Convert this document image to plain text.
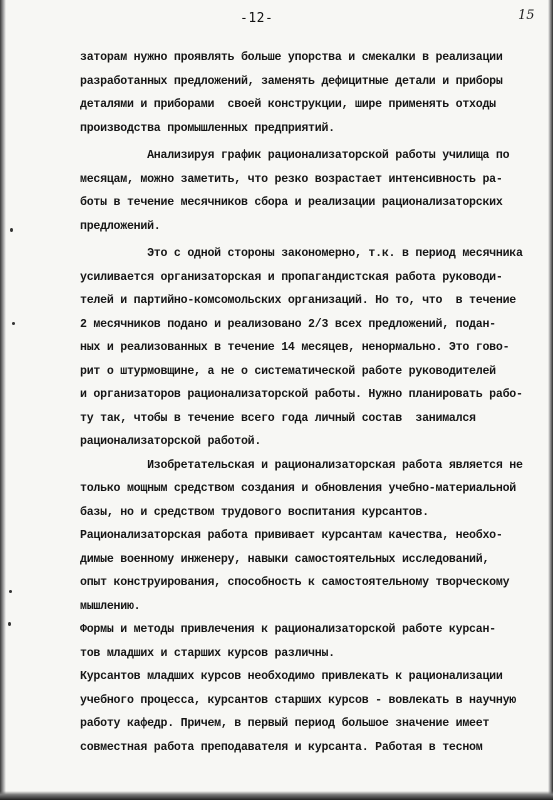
-12-	15
заторам нужно проявлять больше упорства и смекалки в реализации
разработанных предложений, заменять дефицитные детали и приборы
деталями и приборами  своей конструкции, шире применять отходы
производства промышленных предприятий.
Анализируя график рационализаторской работы училища по
месяцам, можно заметить, что резко возрастает интенсивность ра-
боты в течение месячников сбора и реализации рационализаторских
предложений.
Это с одной стороны закономерно, т.к. в период месячника
усиливается организаторская и пропагандистская работа руководи-
телей и партийно-комсомольских организаций. Но то, что  в течение
2 месячников подано и реализовано 2/3 всех предложений, подан-
ных и реализованных в течение 14 месяцев, ненормально. Это гово-
рит о штурмовщине, а не о систематической работе руководителей
и организаторов рационализаторской работы. Нужно планировать рабо-
ту так, чтобы в течение всего года личный состав  занимался
рационализаторской работой.
Изобретательская и рационализаторская работа является не
только мощным средством создания и обновления учебно-материальной
базы, но и средством трудового воспитания курсантов.
Рационализаторская работа прививает курсантам качества, необхо-
димые военному инженеру, навыки самостоятельных исследований,
опыт конструирования, способность к самостоятельному творческому
мышлению.
Формы и методы привлечения к рационализаторской работе курсан-
тов младших и старших курсов различны.
Курсантов младших курсов необходимо привлекать к рационализации
учебного процесса, курсантов старших курсов - вовлекать в научную
работу кафедр. Причем, в первый период большое значение имеет
совместная работа преподавателя и курсанта. Работая в тесном
